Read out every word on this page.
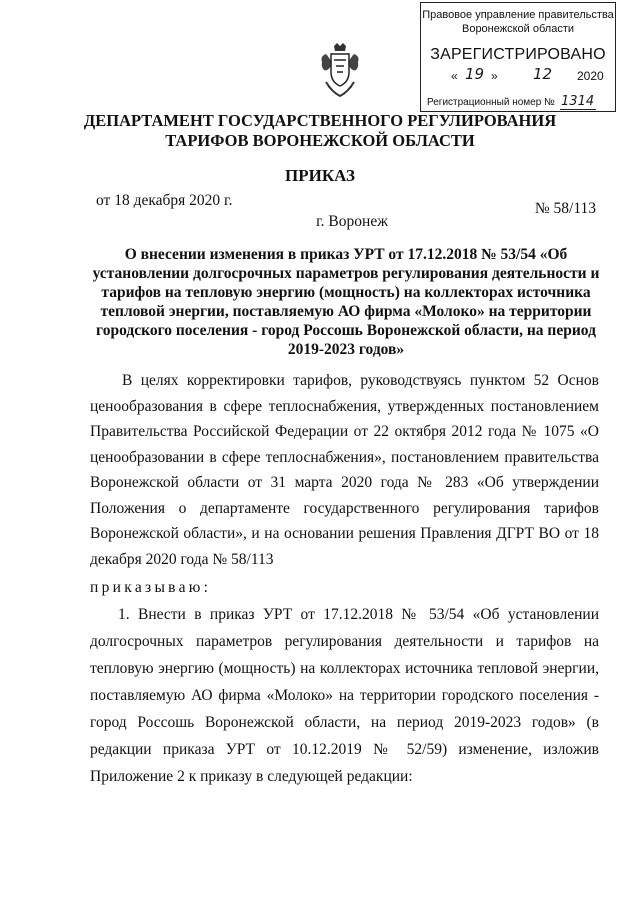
Правовое управление правительства
Воронежской области
ЗАРЕГИСТРИРОВАНО
« 19 » 12 2020
Регистрационный номер № 1314
ДЕПАРТАМЕНТ ГОСУДАРСТВЕННОГО РЕГУЛИРОВАНИЯ
ТАРИФОВ ВОРОНЕЖСКОЙ ОБЛАСТИ
ПРИКАЗ
от 18 декабря 2020 г.	№ 58/113
г. Воронеж
О внесении изменения в приказ УРТ от 17.12.2018 № 53/54 «Об установлении долгосрочных параметров регулирования деятельности и тарифов на тепловую энергию (мощность) на коллекторах источника тепловой энергии, поставляемую АО фирма «Молоко» на территории городского поселения - город Россошь Воронежской области, на период 2019-2023 годов»
В целях корректировки тарифов, руководствуясь пунктом 52 Основ ценообразования в сфере теплоснабжения, утвержденных постановлением Правительства Российской Федерации от 22 октября 2012 года № 1075 «О ценообразовании в сфере теплоснабжения», постановлением правительства Воронежской области от 31 марта 2020 года № 283 «Об утверждении Положения о департаменте государственного регулирования тарифов Воронежской области», и на основании решения Правления ДГРТ ВО от 18 декабря 2020 года № 58/113
приказываю:
1. Внести в приказ УРТ от 17.12.2018 № 53/54 «Об установлении долгосрочных параметров регулирования деятельности и тарифов на тепловую энергию (мощность) на коллекторах источника тепловой энергии, поставляемую АО фирма «Молоко» на территории городского поселения - город Россошь Воронежской области, на период 2019-2023 годов» (в редакции приказа УРТ от 10.12.2019 № 52/59) изменение, изложив Приложение 2 к приказу в следующей редакции:
